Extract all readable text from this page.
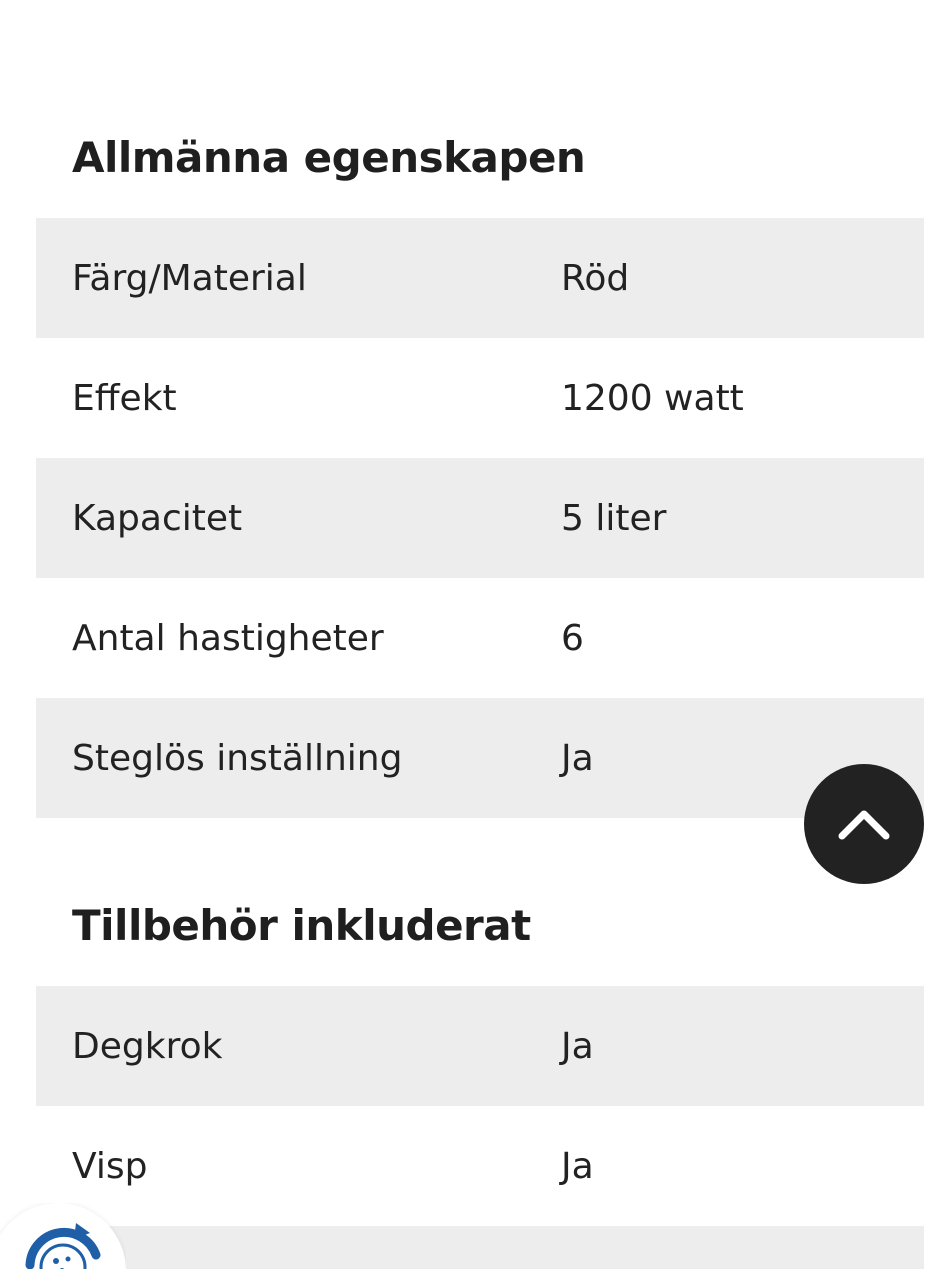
Allmänna egenskapen
Färg/Material	Röd
Effekt	1200 watt
Kapacitet	5 liter
Antal hastigheter	6
Steglös inställning	Ja
Tillbehör inkluderat
Degkrok	Ja
Visp	Ja
